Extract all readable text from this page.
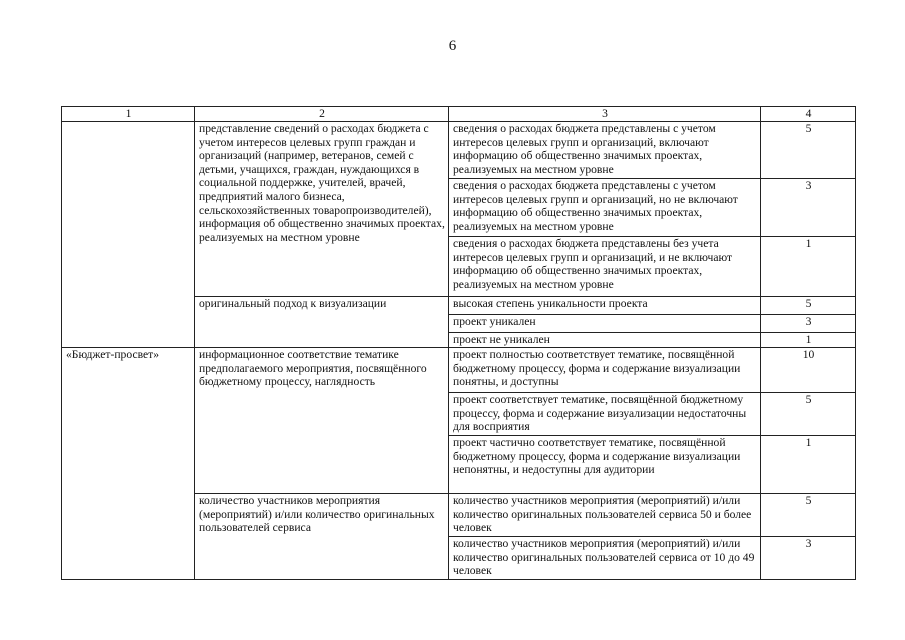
6
1	2	3	4
	представление сведений о расходах бюджета с учетом интересов целевых групп граждан и организаций (например, ветеранов, семей с детьми, учащихся, граждан, нуждающихся в социальной поддержке, учителей, врачей, предприятий малого бизнеса, сельскохозяйственных товаропроизводителей), информация об общественно значимых проектах, реализуемых на местном уровне	сведения о расходах бюджета представлены с учетом интересов целевых групп и организаций, включают информацию об общественно значимых проектах, реализуемых на местном уровне	5
		сведения о расходах бюджета представлены с учетом интересов целевых групп и организаций, но не включают информацию об общественно значимых проектах, реализуемых на местном уровне	3
		сведения о расходах бюджета представлены без учета интересов целевых групп и организаций, и не включают информацию об общественно значимых проектах, реализуемых на местном уровне	1
	оригинальный подход к визуализации	высокая степень уникальности проекта	5
		проект уникален	3
		проект не уникален	1
«Бюджет-просвет»	информационное соответствие тематике предполагаемого мероприятия, посвящённого бюджетному процессу, наглядность	проект полностью соответствует тематике, посвящённой бюджетному процессу, форма и содержание визуализации понятны, и доступны	10
		проект соответствует тематике, посвящённой бюджетному процессу, форма и содержание визуализации недостаточны для восприятия	5
		проект частично соответствует тематике, посвящённой бюджетному процессу, форма и содержание визуализации непонятны, и недоступны для аудитории	1
	количество участников мероприятия (мероприятий) и/или количество оригинальных пользователей сервиса	количество участников мероприятия (мероприятий) и/или количество оригинальных пользователей сервиса 50 и более человек	5
		количество участников мероприятия (мероприятий) и/или количество оригинальных пользователей сервиса от 10 до 49 человек	3
